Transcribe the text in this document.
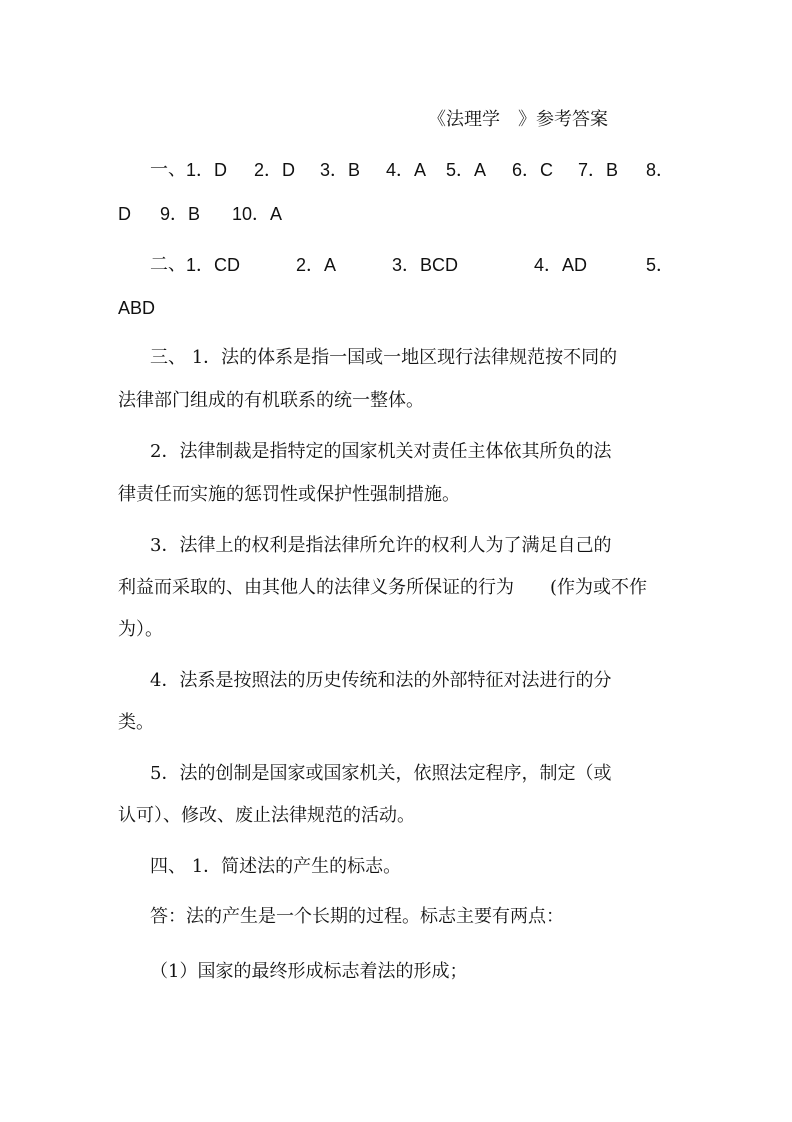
《法理学　》参考答案
一、 1．D 2．D 3．B 4．A 5．A 6．C 7．B 8．
D 9．B 10．A
二、 1．CD	2．A	3．BCD	4．AD	5．
ABD
三、 1．法的体系是指一国或一地区现行法律规范按不同的
法律部门组成的有机联系的统一整体。
2．法律制裁是指特定的国家机关对责任主体依其所负的法
律责任而实施的惩罚性或保护性强制措施。
3．法律上的权利是指法律所允许的权利人为了满足自己的
利益而采取的、由其他人的法律义务所保证的行为　　(作为或不作
为）。
4．法系是按照法的历史传统和法的外部特征对法进行的分
类。
5．法的创制是国家或国家机关，依照法定程序，制定（或
认可）、修改、废止法律规范的活动。
四、 1．简述法的产生的标志。
答：法的产生是一个长期的过程。标志主要有两点：
（1）国家的最终形成标志着法的形成；
